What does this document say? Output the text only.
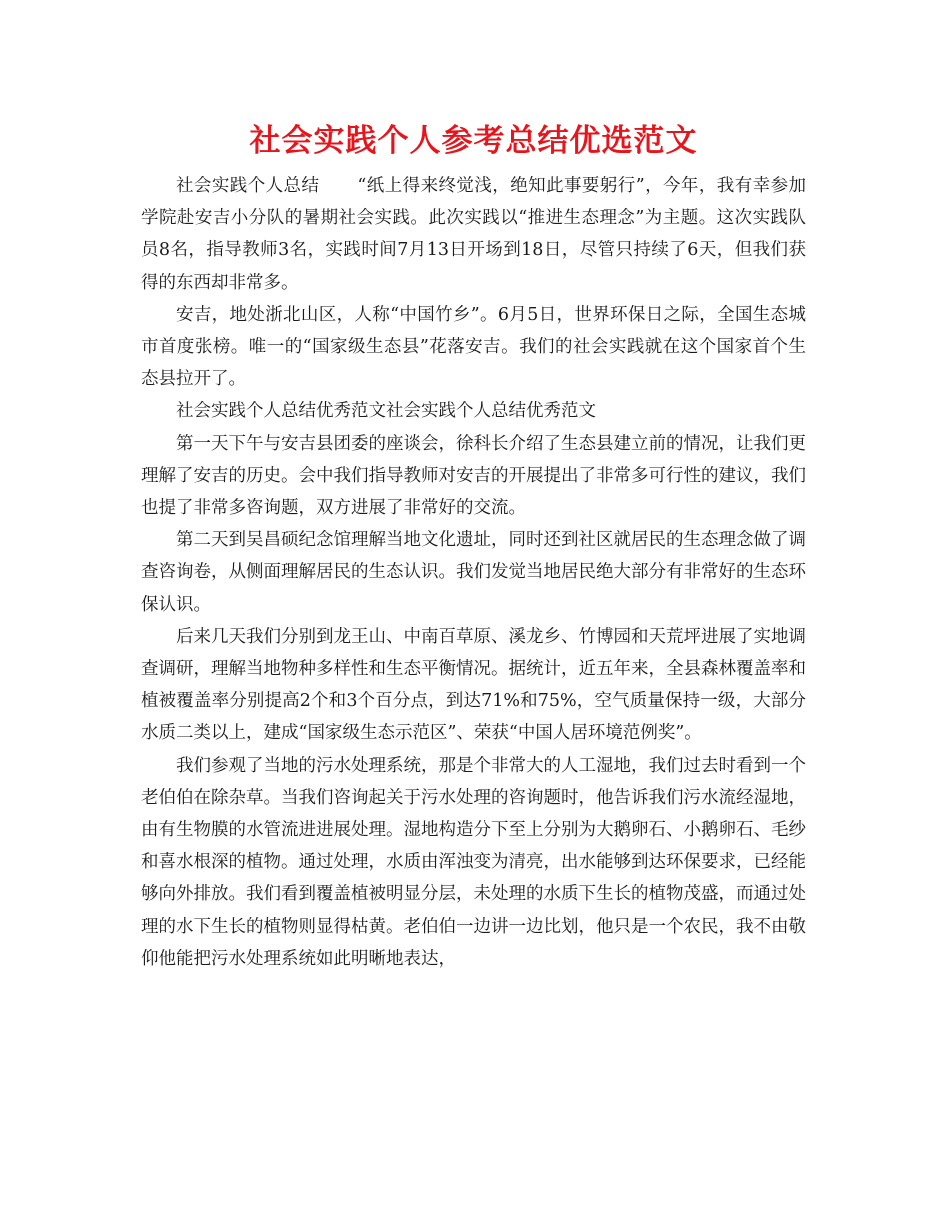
社会实践个人参考总结优选范文

社会实践个人总结 “纸上得来终觉浅，绝知此事要躬行”，今年，我有幸参加学院赴安吉小分队的暑期社会实践。此次实践以“推进生态理念”为主题。这次实践队员8名，指导教师3名，实践时间7月13日开场到18日，尽管只持续了6天，但我们获得的东西却非常多。

安吉，地处浙北山区，人称“中国竹乡”。6月5日，世界环保日之际，全国生态城市首度张榜。唯一的“国家级生态县”花落安吉。我们的社会实践就在这个国家首个生态县拉开了。

社会实践个人总结优秀范文社会实践个人总结优秀范文

第一天下午与安吉县团委的座谈会，徐科长介绍了生态县建立前的情况，让我们更理解了安吉的历史。会中我们指导教师对安吉的开展提出了非常多可行性的建议，我们也提了非常多咨询题，双方进展了非常好的交流。

第二天到吴昌硕纪念馆理解当地文化遗址，同时还到社区就居民的生态理念做了调查咨询卷，从侧面理解居民的生态认识。我们发觉当地居民绝大部分有非常好的生态环保认识。

后来几天我们分别到龙王山、中南百草原、溪龙乡、竹博园和天荒坪进展了实地调查调研，理解当地物种多样性和生态平衡情况。据统计，近五年来，全县森林覆盖率和植被覆盖率分别提高2个和3个百分点，到达71%和75%，空气质量保持一级，大部分水质二类以上，建成“国家级生态示范区”、荣获“中国人居环境范例奖”。

我们参观了当地的污水处理系统，那是个非常大的人工湿地，我们过去时看到一个老伯伯在除杂草。当我们咨询起关于污水处理的咨询题时，他告诉我们污水流经湿地，由有生物膜的水管流进进展处理。湿地构造分下至上分别为大鹅卵石、小鹅卵石、毛纱和喜水根深的植物。通过处理，水质由浑浊变为清亮，出水能够到达环保要求，已经能够向外排放。我们看到覆盖植被明显分层，未处理的水质下生长的植物茂盛，而通过处理的水下生长的植物则显得枯黄。老伯伯一边讲一边比划，他只是一个农民，我不由敬仰他能把污水处理系统如此明晰地表达，
